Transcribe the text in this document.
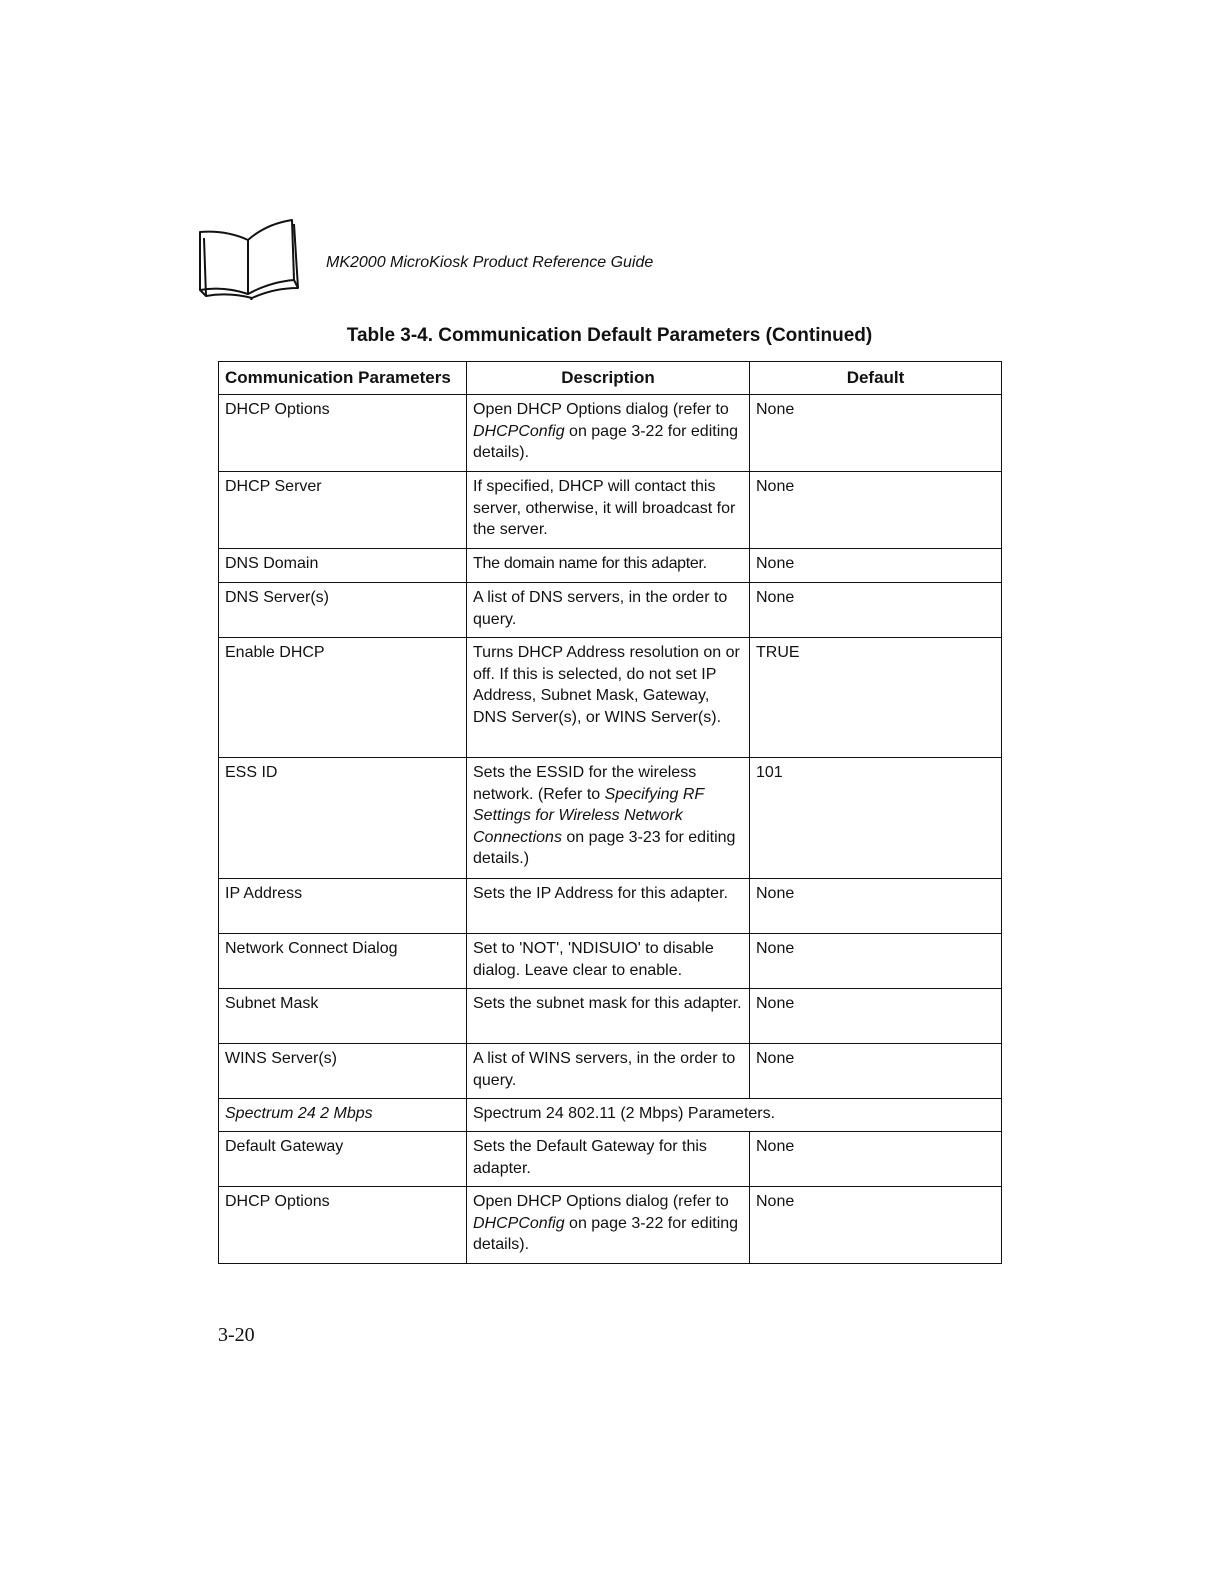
MK2000 MicroKiosk Product Reference Guide
Table 3-4. Communication Default Parameters (Continued)
Communication Parameters	Description	Default
DHCP Options	Open DHCP Options dialog (refer to DHCPConfig on page 3-22 for editing details).	None
DHCP Server	If specified, DHCP will contact this server, otherwise, it will broadcast for the server.	None
DNS Domain	The domain name for this adapter.	None
DNS Server(s)	A list of DNS servers, in the order to query.	None
Enable DHCP	Turns DHCP Address resolution on or off. If this is selected, do not set IP Address, Subnet Mask, Gateway, DNS Server(s), or WINS Server(s).	TRUE
ESS ID	Sets the ESSID for the wireless network. (Refer to Specifying RF Settings for Wireless Network Connections on page 3-23 for editing details.)	101
IP Address	Sets the IP Address for this adapter.	None
Network Connect Dialog	Set to 'NOT', 'NDISUIO' to disable dialog. Leave clear to enable.	None
Subnet Mask	Sets the subnet mask for this adapter.	None
WINS Server(s)	A list of WINS servers, in the order to query.	None
Spectrum 24 2 Mbps	Spectrum 24 802.11 (2 Mbps) Parameters.	
Default Gateway	Sets the Default Gateway for this adapter.	None
DHCP Options	Open DHCP Options dialog (refer to DHCPConfig on page 3-22 for editing details).	None
3-20
